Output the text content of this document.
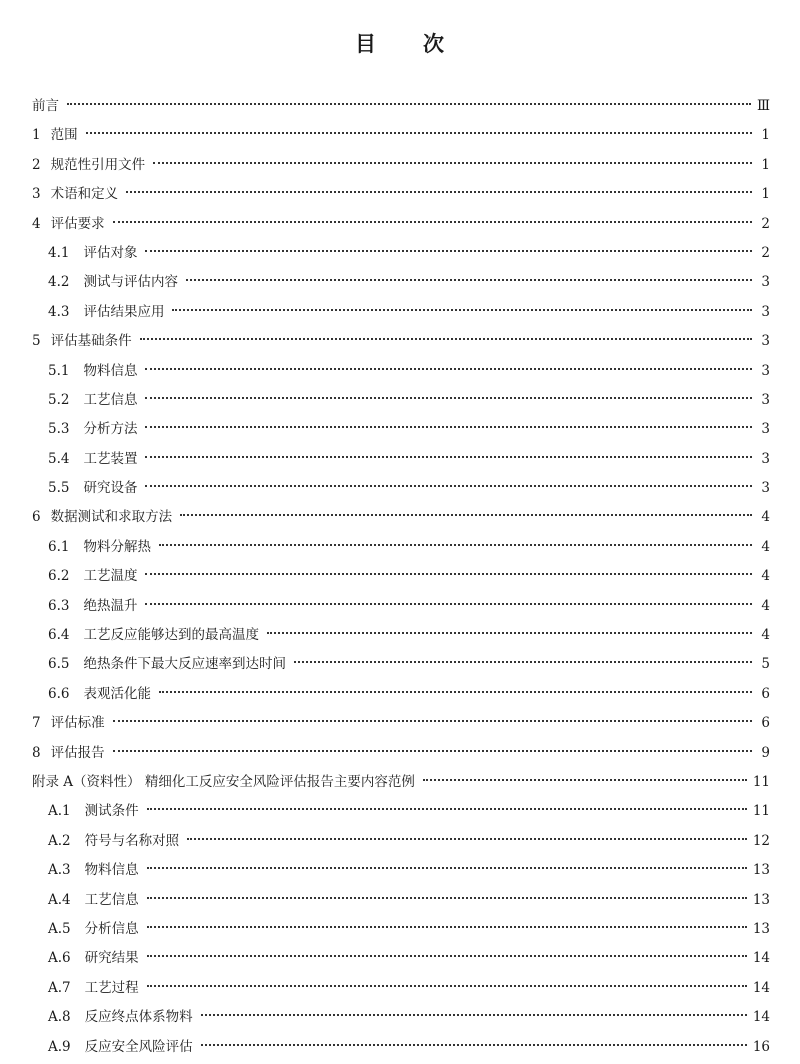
目 次
前言	Ⅲ
1 范围	1
2 规范性引用文件	1
3 术语和定义	1
4 评估要求	2
4.1 评估对象	2
4.2 测试与评估内容	3
4.3 评估结果应用	3
5 评估基础条件	3
5.1 物料信息	3
5.2 工艺信息	3
5.3 分析方法	3
5.4 工艺装置	3
5.5 研究设备	3
6 数据测试和求取方法	4
6.1 物料分解热	4
6.2 工艺温度	4
6.3 绝热温升	4
6.4 工艺反应能够达到的最高温度	4
6.5 绝热条件下最大反应速率到达时间	5
6.6 表观活化能	6
7 评估标准	6
8 评估报告	9
附录 A（资料性） 精细化工反应安全风险评估报告主要内容范例	11
A.1 测试条件	11
A.2 符号与名称对照	12
A.3 物料信息	13
A.4 工艺信息	13
A.5 分析信息	13
A.6 研究结果	14
A.7 工艺过程	14
A.8 反应终点体系物料	14
A.9 反应安全风险评估	16
